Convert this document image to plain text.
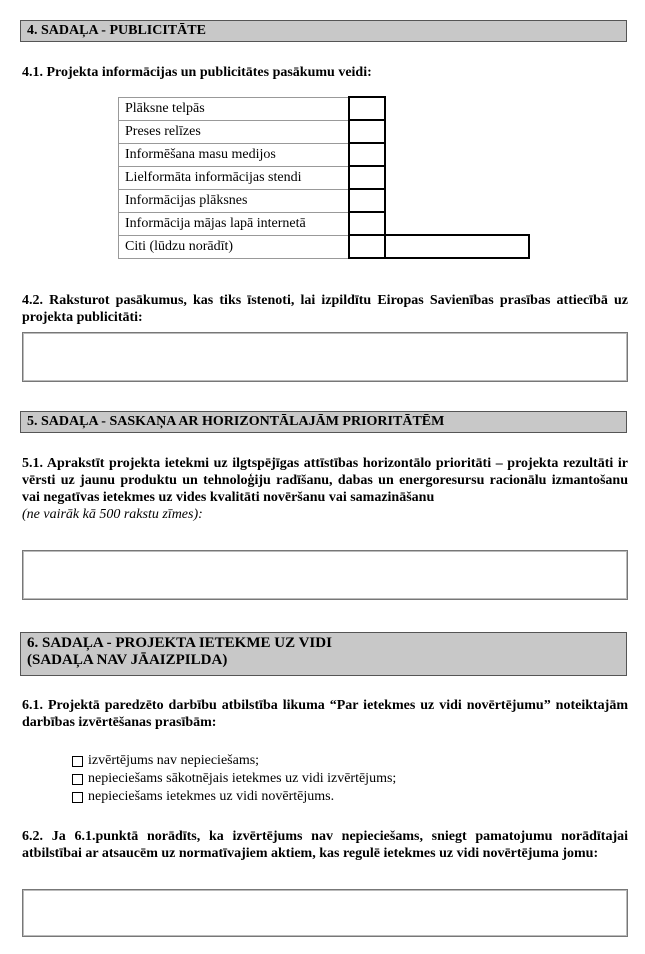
4. SADAĻA - PUBLICITĀTE
4.1. Projekta informācijas un publicitātes pasākumu veidi:
Plāksne telpās		
Preses relīzes		
Informēšana masu medijos		
Lielformāta informācijas stendi		
Informācijas plāksnes		
Informācija mājas lapā internetā		
Citi (lūdzu norādīt)		
4.2. Raksturot pasākumus, kas tiks īstenoti, lai izpildītu Eiropas Savienības prasības attiecībā uz projekta publicitāti:
5. SADAĻA - SASKAŅA AR HORIZONTĀLAJĀM PRIORITĀTĒM
5.1. Aprakstīt projekta ietekmi uz ilgtspējīgas attīstības horizontālo prioritāti – projekta rezultāti ir vērsti uz jaunu produktu un tehnoloģiju radīšanu, dabas un energoresursu racionālu izmantošanu vai negatīvas ietekmes uz vides kvalitāti novēršanu vai samazināšanu
(ne vairāk kā 500 rakstu zīmes):
6. SADAĻA - PROJEKTA IETEKME UZ VIDI
(SADAĻA NAV JĀAIZPILDA)
6.1. Projektā paredzēto darbību atbilstība likuma “Par ietekmes uz vidi novērtējumu” noteiktajām darbības izvērtēšanas prasībām:
izvērtējums nav nepieciešams;
nepieciešams sākotnējais ietekmes uz vidi izvērtējums;
nepieciešams ietekmes uz vidi novērtējums.
6.2. Ja 6.1.punktā norādīts, ka izvērtējums nav nepieciešams, sniegt pamatojumu norādītajai atbilstībai ar atsaucēm uz normatīvajiem aktiem, kas regulē ietekmes uz vidi novērtējuma jomu:
